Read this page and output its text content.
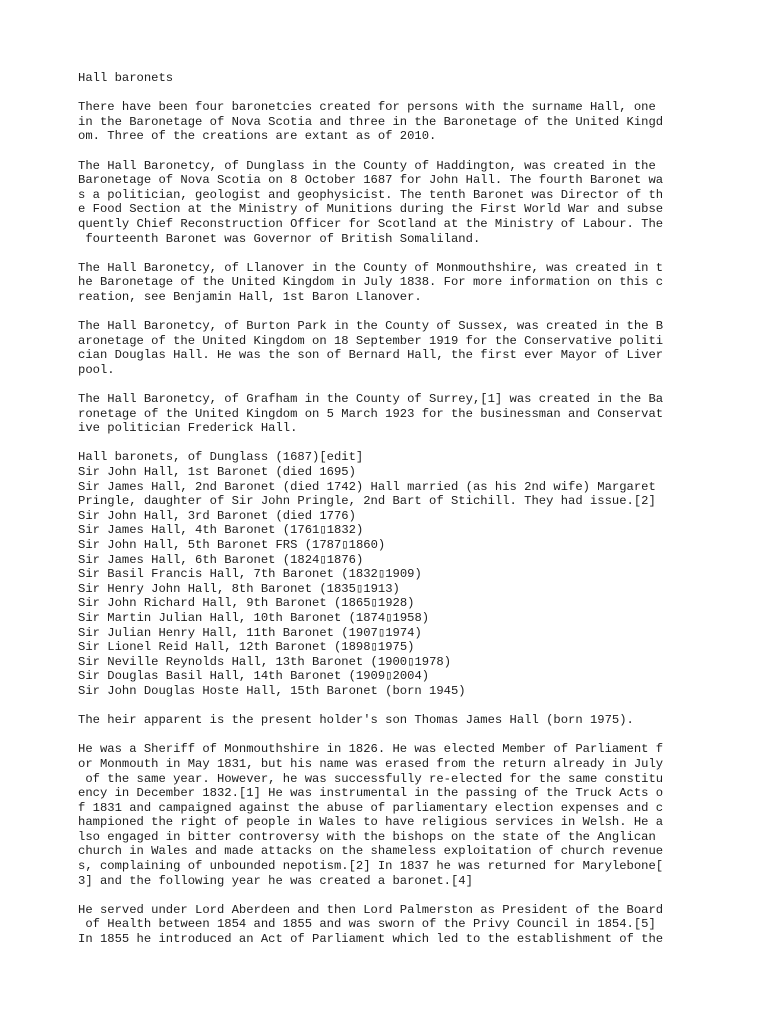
Hall baronets
There have been four baronetcies created for persons with the surname Hall, one
in the Baronetage of Nova Scotia and three in the Baronetage of the United Kingd
om. Three of the creations are extant as of 2010.
The Hall Baronetcy, of Dunglass in the County of Haddington, was created in the
Baronetage of Nova Scotia on 8 October 1687 for John Hall. The fourth Baronet wa
s a politician, geologist and geophysicist. The tenth Baronet was Director of th
e Food Section at the Ministry of Munitions during the First World War and subse
quently Chief Reconstruction Officer for Scotland at the Ministry of Labour. The
fourteenth Baronet was Governor of British Somaliland.
The Hall Baronetcy, of Llanover in the County of Monmouthshire, was created in t
he Baronetage of the United Kingdom in July 1838. For more information on this c
reation, see Benjamin Hall, 1st Baron Llanover.
The Hall Baronetcy, of Burton Park in the County of Sussex, was created in the B
aronetage of the United Kingdom on 18 September 1919 for the Conservative politi
cian Douglas Hall. He was the son of Bernard Hall, the first ever Mayor of Liver
pool.
The Hall Baronetcy, of Grafham in the County of Surrey,[1] was created in the Ba
ronetage of the United Kingdom on 5 March 1923 for the businessman and Conservat
ive politician Frederick Hall.
Hall baronets, of Dunglass (1687)[edit]
Sir John Hall, 1st Baronet (died 1695)
Sir James Hall, 2nd Baronet (died 1742) Hall married (as his 2nd wife) Margaret
Pringle, daughter of Sir John Pringle, 2nd Bart of Stichill. They had issue.[2]
Sir John Hall, 3rd Baronet (died 1776)
Sir James Hall, 4th Baronet (1761▯1832)
Sir John Hall, 5th Baronet FRS (1787▯1860)
Sir James Hall, 6th Baronet (1824▯1876)
Sir Basil Francis Hall, 7th Baronet (1832▯1909)
Sir Henry John Hall, 8th Baronet (1835▯1913)
Sir John Richard Hall, 9th Baronet (1865▯1928)
Sir Martin Julian Hall, 10th Baronet (1874▯1958)
Sir Julian Henry Hall, 11th Baronet (1907▯1974)
Sir Lionel Reid Hall, 12th Baronet (1898▯1975)
Sir Neville Reynolds Hall, 13th Baronet (1900▯1978)
Sir Douglas Basil Hall, 14th Baronet (1909▯2004)
Sir John Douglas Hoste Hall, 15th Baronet (born 1945)
The heir apparent is the present holder's son Thomas James Hall (born 1975).
He was a Sheriff of Monmouthshire in 1826. He was elected Member of Parliament f
or Monmouth in May 1831, but his name was erased from the return already in July
of the same year. However, he was successfully re-elected for the same constitu
ency in December 1832.[1] He was instrumental in the passing of the Truck Acts o
f 1831 and campaigned against the abuse of parliamentary election expenses and c
hampioned the right of people in Wales to have religious services in Welsh. He a
lso engaged in bitter controversy with the bishops on the state of the Anglican
church in Wales and made attacks on the shameless exploitation of church revenue
s, complaining of unbounded nepotism.[2] In 1837 he was returned for Marylebone[
3] and the following year he was created a baronet.[4]
He served under Lord Aberdeen and then Lord Palmerston as President of the Board
of Health between 1854 and 1855 and was sworn of the Privy Council in 1854.[5]
In 1855 he introduced an Act of Parliament which led to the establishment of the
